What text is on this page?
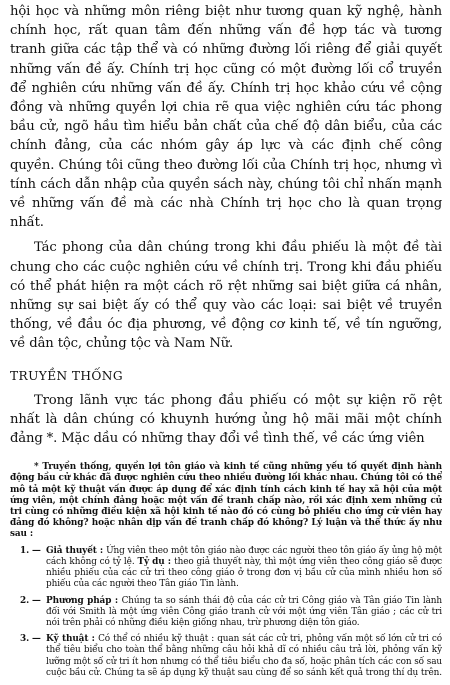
hội học và những môn riêng biệt như tương quan kỹ nghệ, hành chính học, rất quan tâm đến những vấn đề hợp tác và tương tranh giữa các tập thể và có những đường lối riêng để giải quyết những vấn đề ấy. Chính trị học cũng có một đường lối cổ truyền để nghiên cứu những vấn đề ấy. Chính trị học khảo cứu về cộng đồng và những quyền lợi chia rẽ qua việc nghiên cứu tác phong bầu cử, ngõ hầu tìm hiểu bản chất của chế độ dân biểu, của các chính đảng, của các nhóm gây áp lực và các định chế công quyền. Chúng tôi cũng theo đường lối của Chính trị học, nhưng vì tính cách dẫn nhập của quyền sách này, chúng tôi chỉ nhấn mạnh về những vấn đề mà các nhà Chính trị học cho là quan trọng nhất.

Tác phong của dân chúng trong khi đầu phiếu là một đề tài chung cho các cuộc nghiên cứu về chính trị. Trong khi đầu phiếu có thể phát hiện ra một cách rõ rệt những sai biệt giữa cá nhân, những sự sai biệt ấy có thể quy vào các loại: sai biệt về truyền thống, về đầu óc địa phương, về động cơ kinh tế, về tín ngưỡng, về dân tộc, chủng tộc và Nam Nữ.

TRUYỀN THỐNG

Trong lãnh vực tác phong đầu phiếu có một sự kiện rõ rệt nhất là dân chúng có khuynh hướng ủng hộ mãi mãi một chính đảng *. Mặc dầu có những thay đổi về tình thế, về các ứng viên

* Truyền thống, quyền lợi tôn giáo và kinh tế cũng những yếu tố quyết định hành động bầu cử khác đã được nghiên cứu theo nhiều đường lối khác nhau. Chúng tôi có thể mô tả một kỹ thuật vấn được áp dụng để xác định tính cách kinh tế hay xã hội của một ứng viên, một chính đảng hoặc một vấn đề tranh chấp nào, rồi xác định xem những cử tri cùng có những điều kiện xã hội kinh tế nào đó có cùng bỏ phiếu cho ứng cử viên hay đảng đó không? hoặc nhân dịp vấn đề tranh chấp đó không? Lý luận và thể thức ấy như sau :

1. — Giả thuyết : Ứng viên theo một tôn giáo nào được các người theo tôn giáo ấy ủng hộ một cách không có tỷ lệ. Tỷ dụ : theo giả thuyết này, thì một ứng viên theo công giáo sẽ được nhiều phiếu của các cử tri theo công giáo ở trong đơn vị bầu cử của mình nhiều hơn số phiếu của các người theo Tân giáo Tin lành.
2. — Phương pháp : Chúng ta so sánh thái độ của các cử tri Công giáo và Tân giáo Tin lành đối với Smith là một ứng viên Công giáo tranh cử với một ứng viên Tân giáo ; các cử tri nói trên phải có những điều kiện giống nhau, trừ phương diện tôn giáo.
3. — Kỹ thuật : Có thể có nhiều kỹ thuật : quan sát các cử tri, phỏng vấn một số lớn cử tri có thể tiêu biểu cho toàn thể bằng những câu hỏi khả dĩ có nhiều câu trả lời, phỏng vấn kỹ lưỡng một số cử tri ít hơn nhưng có thể tiêu biểu cho đa số, hoặc phân tích các con số sau cuộc bầu cử. Chúng ta sẽ áp dụng kỹ thuật sau cùng để so sánh kết quả trong thí dụ trên.
